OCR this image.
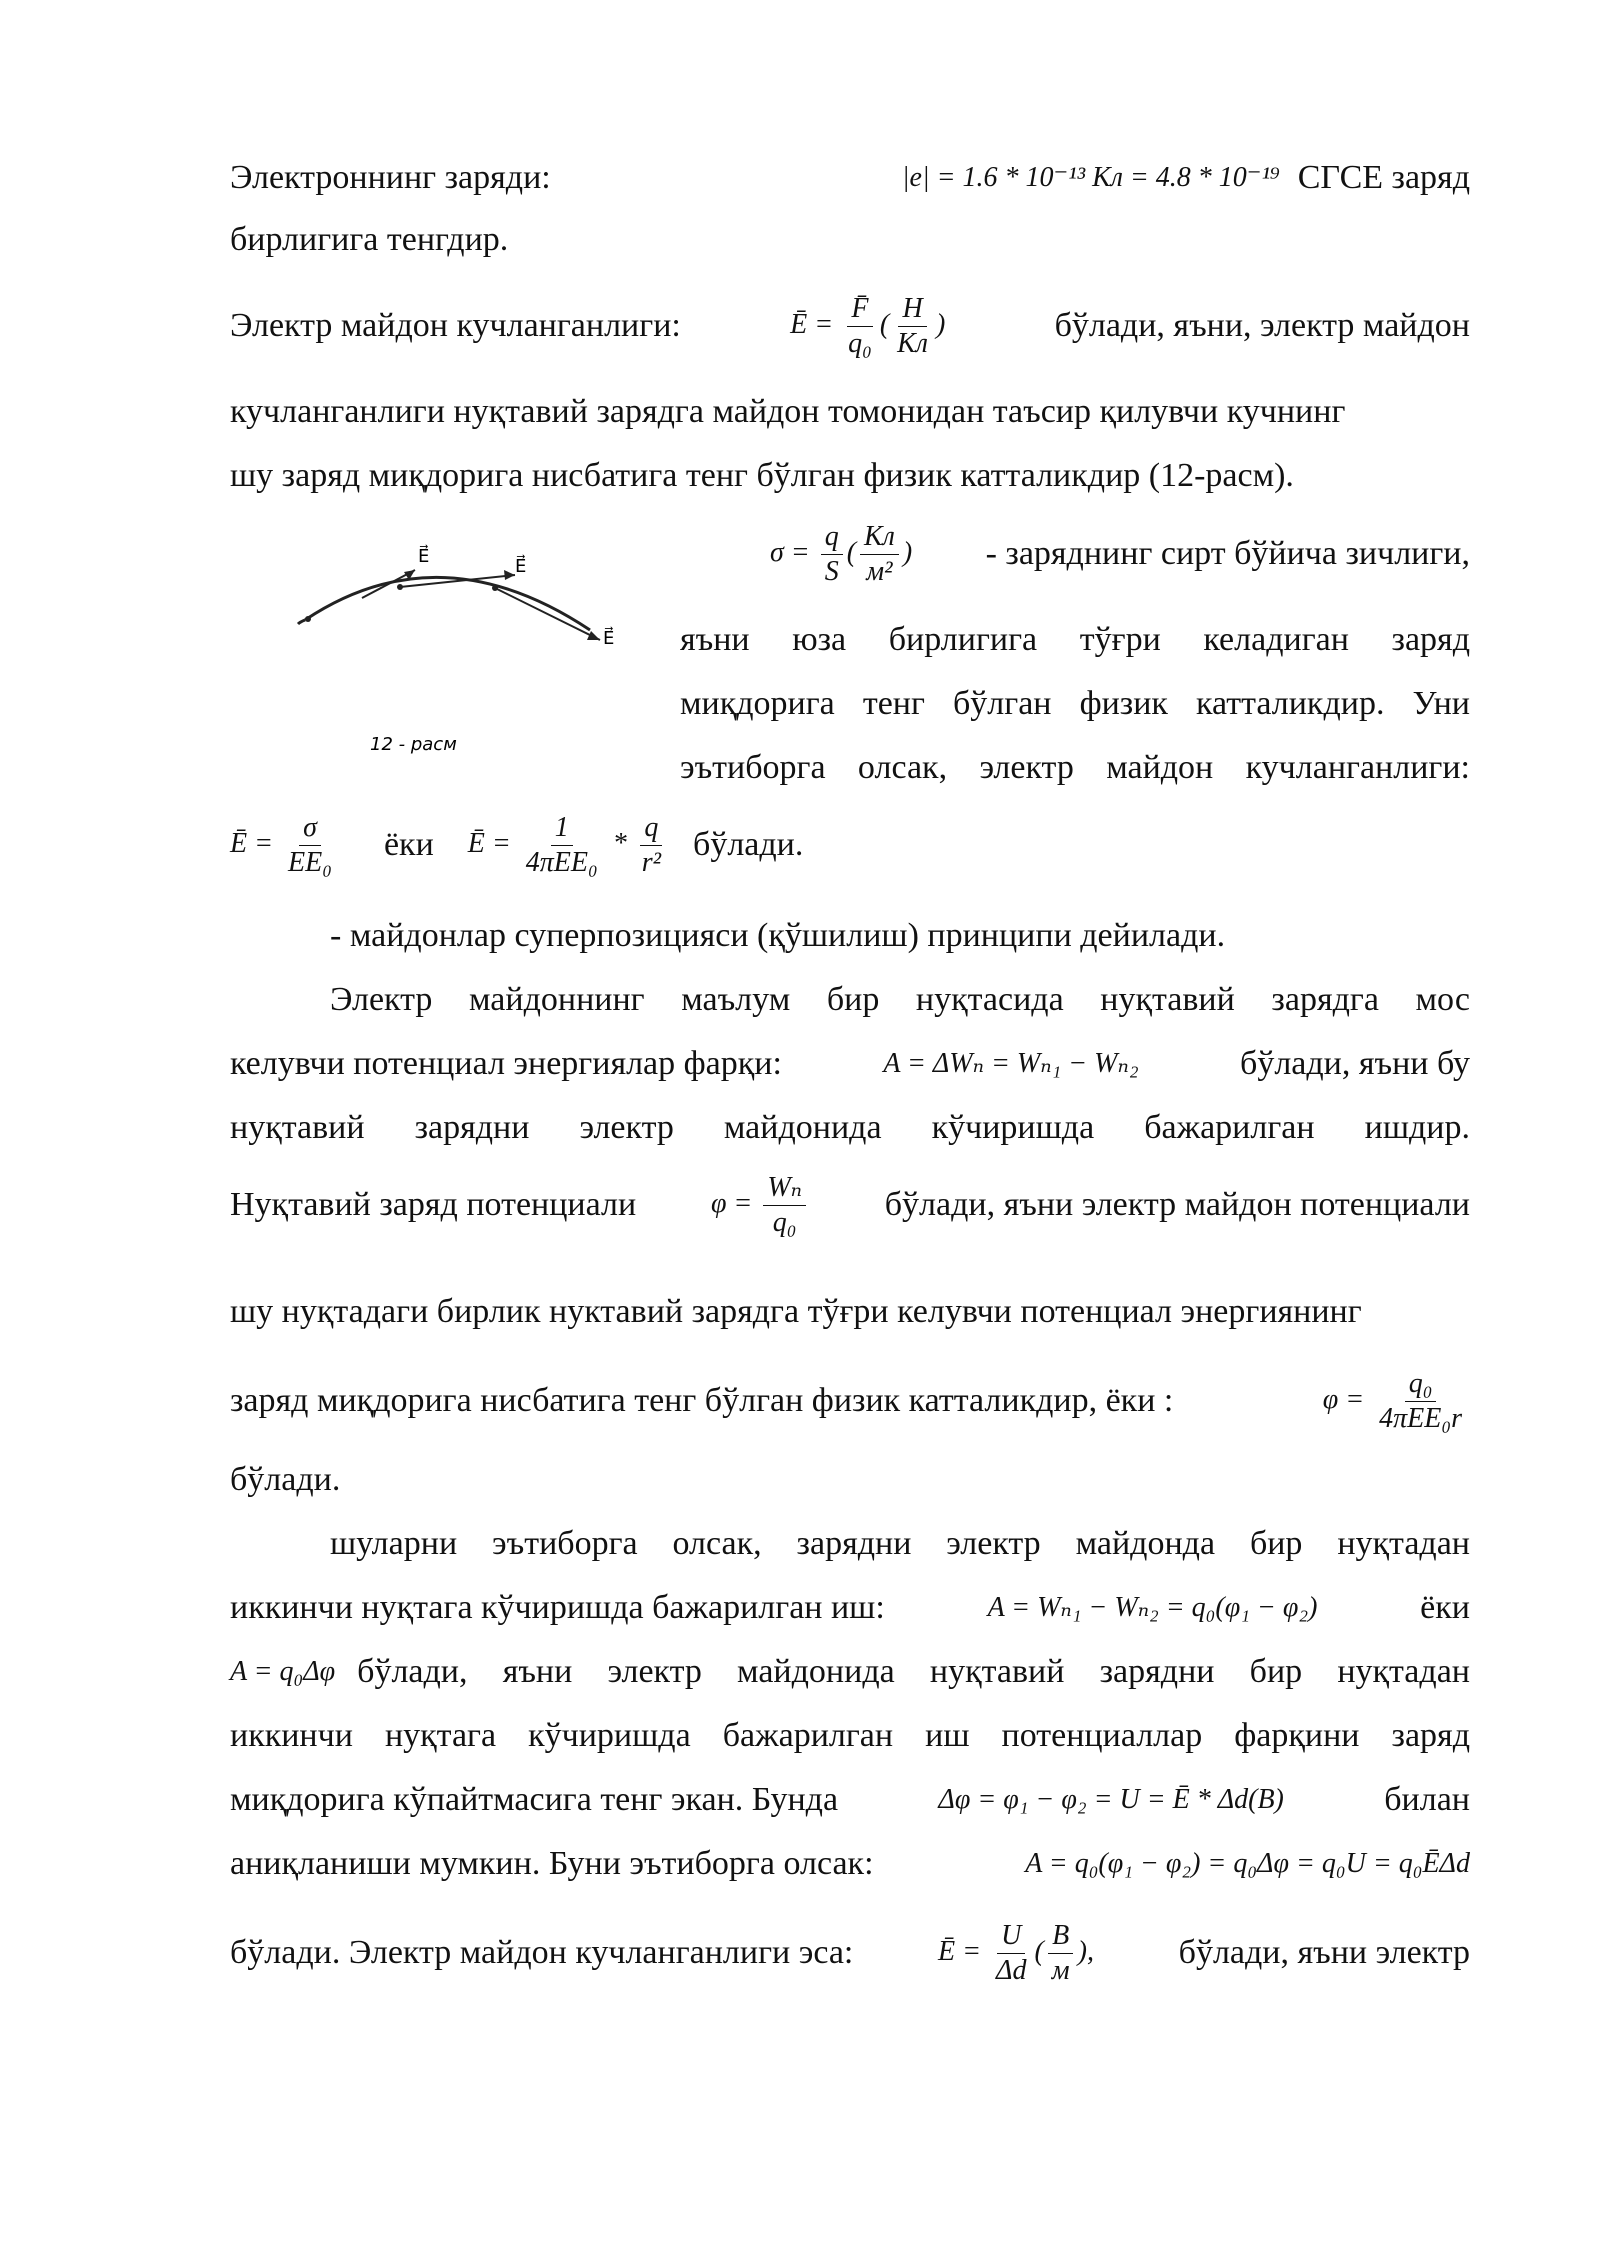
Электроннинг заряди:	|e| = 1.6 * 10⁻¹³ Кл = 4.8 * 10⁻¹⁹ СГСЕ заряд
бирлигига тенгдир.
Электр майдон кучланганлиги:	Ē = $\frac{F̄}{\text{q₀}}$ ( $\frac{Н}{Кл}$ )	бўлади, яъни, электр майдон
кучланганлиги нуқтавий зарядга майдон томонидан таъсир қилувчи кучнинг
шу заряд миқдорига нисбатига тенг бўлган физик катталикдир (12-расм).
$\sigma = \frac{q}{S}$ ( $\frac{Кл}{\text{м²}}$ ) - заряднинг сирт бўйича зичлиги,
E⃗	E⃗
E⃗
12 - расм
яъни юза бирлигига тўғри келадиган заряд
миқдорига тенг бўлган физик катталикдир. Уни
эътиборга олсак, электр майдон кучланганлиги:
Ē = $\frac{\sigma}{\text{EE₀}}$ ёки Ē = $\frac{1}{\text{4πEE₀}} * \frac{q}{\text{r²}}$ бўлади.
- майдонлар суперпозицияси (қўшилиш) принципи дейилади.
Электр майдоннинг маълум бир нуқтасида нуқтавий зарядга мос
келувчи потенциал энергиялар фарқи:	A = ΔWₙ = Wₙ₁ − Wₙ₂	бўлади, яъни бу
нуқтавий зарядни электр майдонида кўчиришда бажарилган ишдир.
Нуқтавий заряд потенциали	$\varphi = \frac{\text{Wₙ}}{\text{q₀}}$ бўлади, яъни электр майдон потенциали
шу нуқтадаги бирлик нуктавий зарядга тўғри келувчи потенциал энергиянинг
заряд миқдорига нисбатига тенг бўлган физик катталикдир, ёки :	$\varphi = \frac{\text{q₀}}{\text{4πEE₀r}}$
бўлади.
шуларни эътиборга олсак, зарядни электр майдонда бир нуқтадан
иккинчи нуқтага кўчиришда бажарилган иш:	A = Wₙ₁ − Wₙ₂ = q₀(φ₁ − φ₂)	ёки
A = q₀Δφ бўлади, яъни электр майдонида нуқтавий зарядни бир нуқтадан
иккинчи нуқтага кўчиришда бажарилган иш потенциаллар фарқини заряд
миқдорига кўпайтмасига тенг экан. Бунда	Δφ = φ₁ − φ₂ = U = Ē * Δd(B)	билан
аниқланиши мумкин. Буни эътиборга олсак:	A = q₀(φ₁ − φ₂) = q₀Δφ = q₀U = q₀ĒΔd
бўлади. Электр майдон кучланганлиги эса:	Ē = $\frac{U}{\Delta d}$ ( $\frac{В}{м}$ ), бўлади, яъни электр
